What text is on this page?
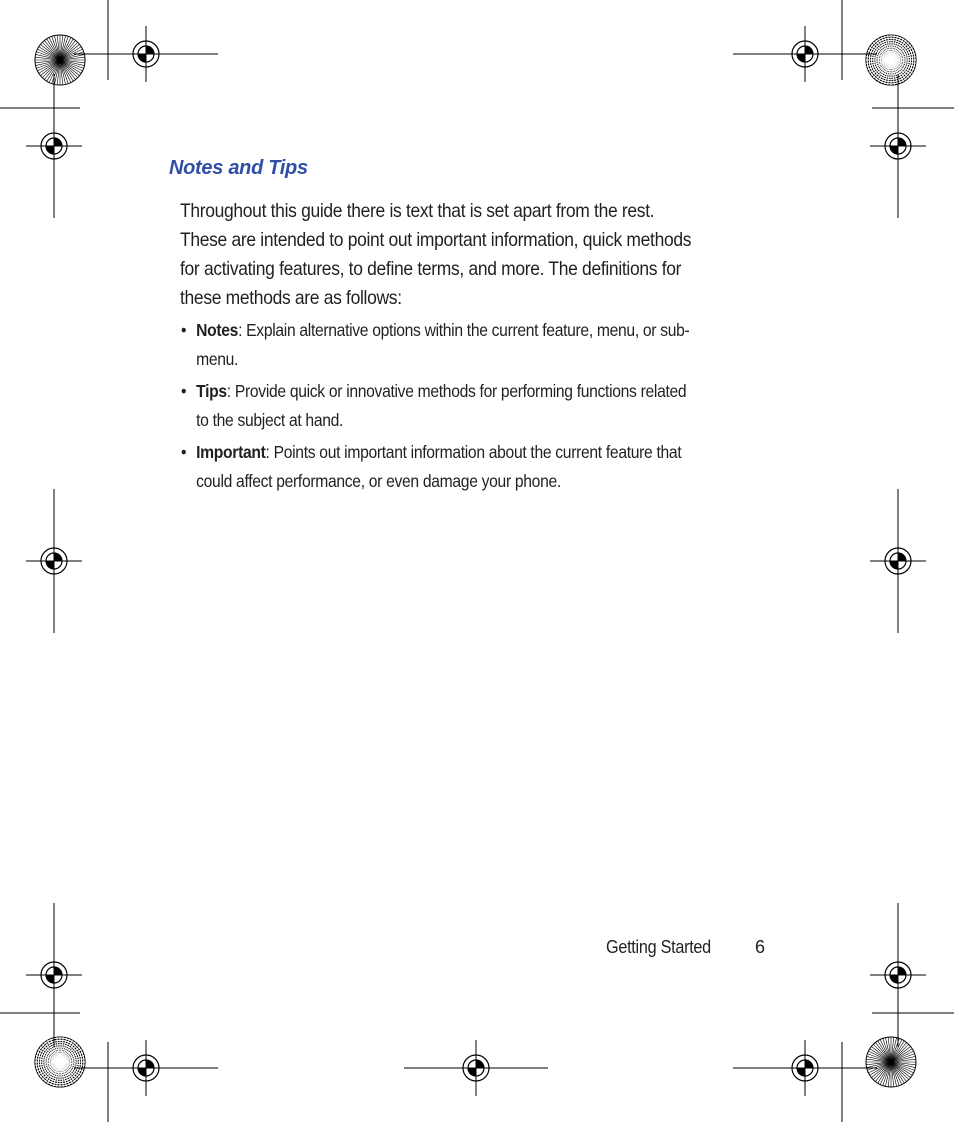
Notes and Tips

Throughout this guide there is text that is set apart from the rest.
These are intended to point out important information, quick methods
for activating features, to define terms, and more. The definitions for
these methods are as follows:

• Notes: Explain alternative options within the current feature, menu, or sub-
menu.
• Tips: Provide quick or innovative methods for performing functions related
to the subject at hand.
• Important: Points out important information about the current feature that
could affect performance, or even damage your phone.
Getting Started 6
